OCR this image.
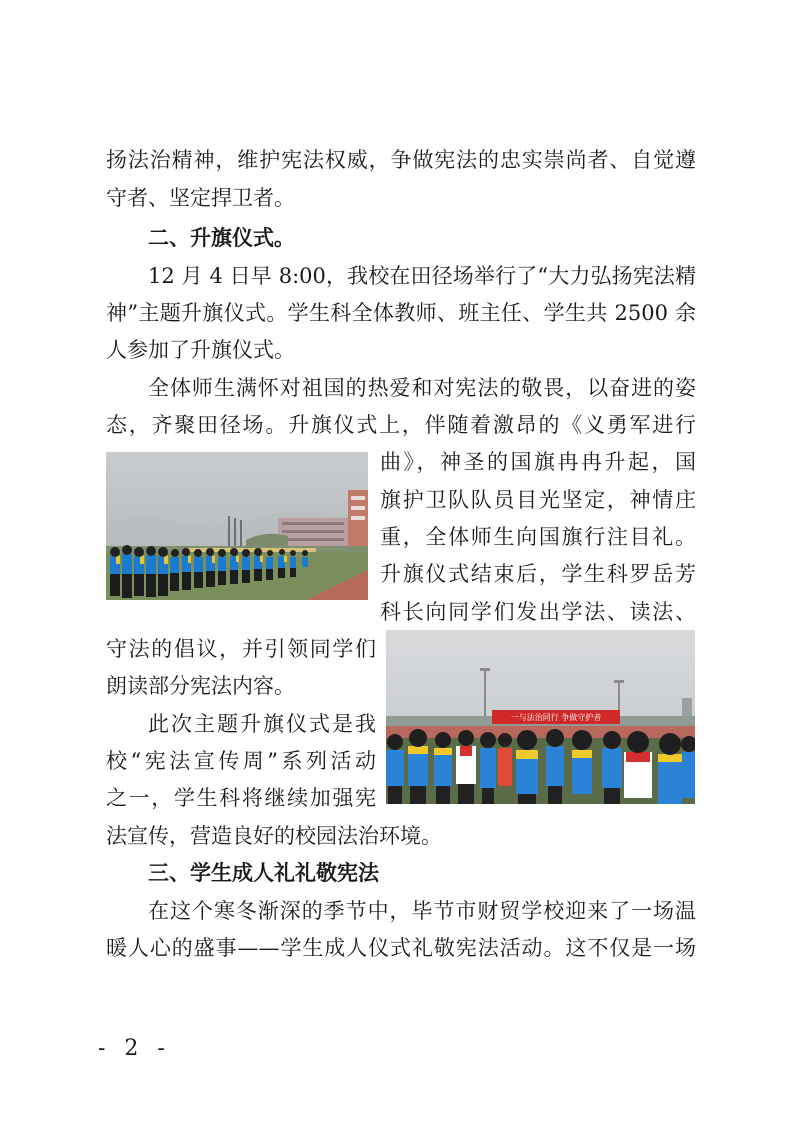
扬法治精神，维护宪法权威，争做宪法的忠实崇尚者、自觉遵
守者、坚定捍卫者。
二、升旗仪式。
12 月 4 日早 8:00，我校在田径场举行了“大力弘扬宪法精
神”主题升旗仪式。学生科全体教师、班主任、学生共 2500 余
人参加了升旗仪式。
全体师生满怀对祖国的热爱和对宪法的敬畏，以奋进的姿
态，齐聚田径场。升旗仪式上，伴随着激昂的《义勇军进行
曲》，神圣的国旗冉冉升起，国
旗护卫队队员目光坚定，神情庄
重，全体师生向国旗行注目礼。
升旗仪式结束后，学生科罗岳芳
科长向同学们发出学法、读法、
一与法治同行 争做守护者
守法的倡议，并引领同学们
朗读部分宪法内容。
此次主题升旗仪式是我
校“宪法宣传周”系列活动
之一，学生科将继续加强宪
法宣传，营造良好的校园法治环境。
三、学生成人礼礼敬宪法
在这个寒冬渐深的季节中，毕节市财贸学校迎来了一场温
暖人心的盛事——学生成人仪式礼敬宪法活动。这不仅是一场
- 2 -
